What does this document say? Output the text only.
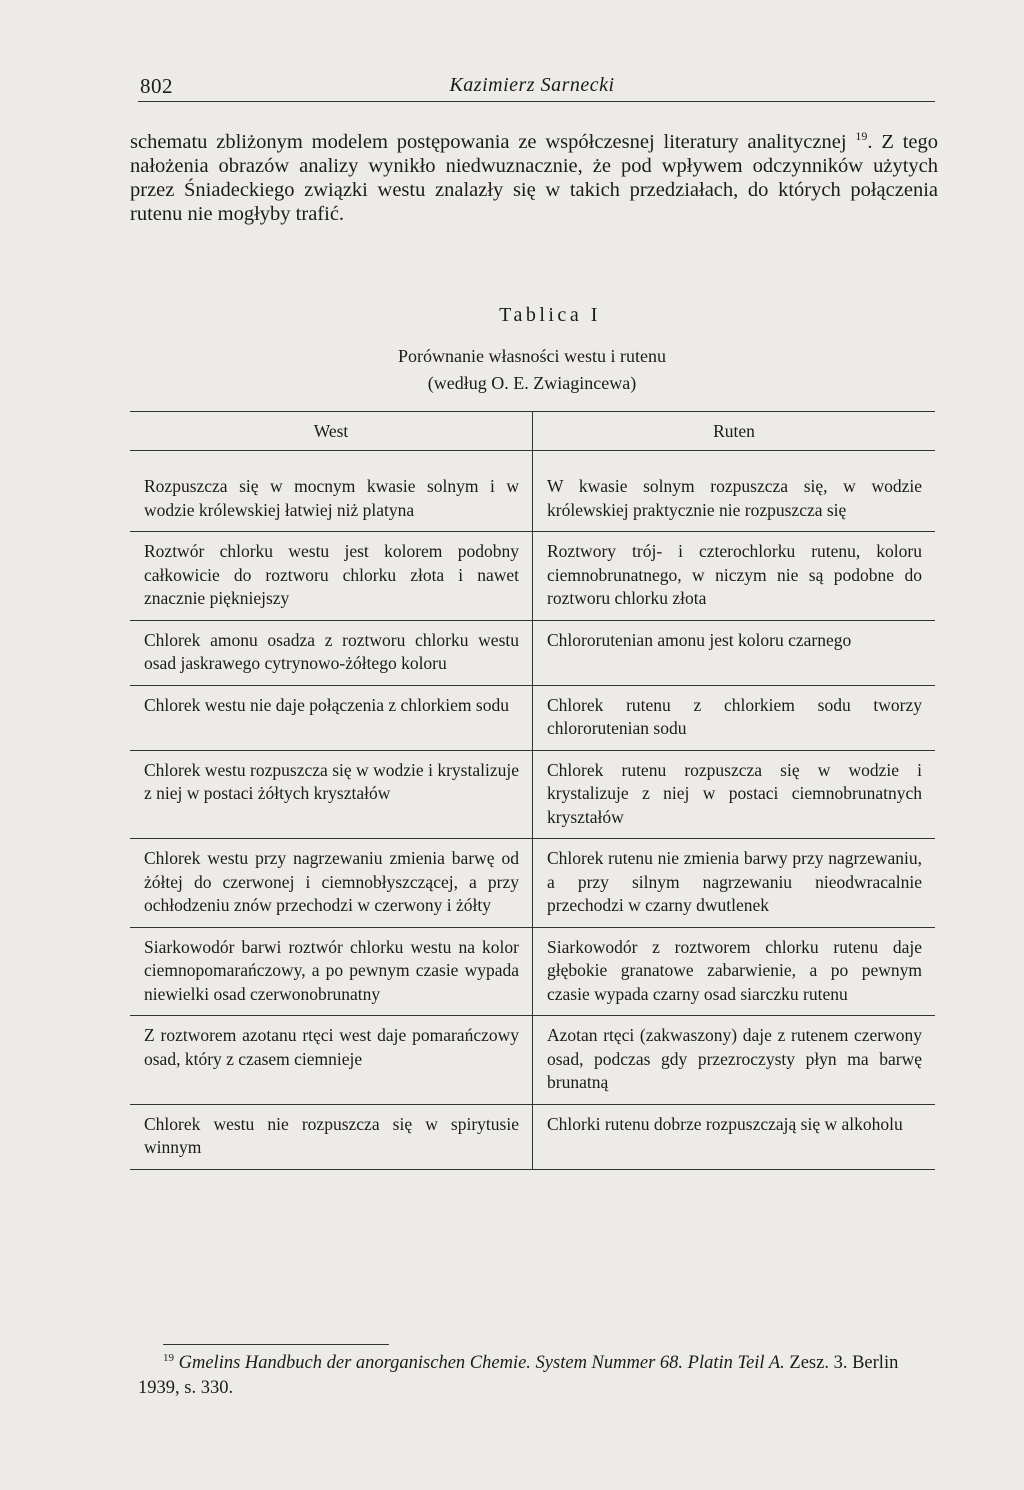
802	Kazimierz Sarnecki

schematu zbliżonym modelem postępowania ze współczesnej literatury analitycznej $^{19}$. Z tego nałożenia obrazów analizy wynikło niedwuznacznie, że pod wpływem odczynników użytych przez Śniadeckiego związki westu znalazły się w takich przedziałach, do których połączenia rutenu nie mogłyby trafić.

Tablica I
Porównanie własności westu i rutenu
(według O. E. Zwiagincewa)
West	Ruten
Rozpuszcza się w mocnym kwasie solnym i w wodzie królewskiej łatwiej niż platyna	W kwasie solnym rozpuszcza się, w wodzie królewskiej praktycznie nie rozpuszcza się
Roztwór chlorku westu jest kolorem podobny całkowicie do roztworu chlorku złota i nawet znacznie piękniejszy	Roztwory trój- i czterochlorku rutenu, koloru ciemnobrunatnego, w niczym nie są podobne do roztworu chlorku złota
Chlorek amonu osadza z roztworu chlorku westu osad jaskrawego cytrynowo-żółtego koloru	Chlororutenian amonu jest koloru czarnego
Chlorek westu nie daje połączenia z chlorkiem sodu	Chlorek rutenu z chlorkiem sodu tworzy chlororutenian sodu
Chlorek westu rozpuszcza się w wodzie i krystalizuje z niej w postaci żółtych kryształów	Chlorek rutenu rozpuszcza się w wodzie i krystalizuje z niej w postaci ciemnobrunatnych kryształów
Chlorek westu przy nagrzewaniu zmienia barwę od żółtej do czerwonej i ciemnobłyszczącej, a przy ochłodzeniu znów przechodzi w czerwony i żółty	Chlorek rutenu nie zmienia barwy przy nagrzewaniu, a przy silnym nagrzewaniu nieodwracalnie przechodzi w czarny dwutlenek
Siarkowodór barwi roztwór chlorku westu na kolor ciemnopomarańczowy, a po pewnym czasie wypada niewielki osad czerwonobrunatny	Siarkowodór z roztworem chlorku rutenu daje głębokie granatowe zabarwienie, a po pewnym czasie wypada czarny osad siarczku rutenu
Z roztworem azotanu rtęci west daje pomarańczowy osad, który z czasem ciemnieje	Azotan rtęci (zakwaszony) daje z rutenem czerwony osad, podczas gdy przezroczysty płyn ma barwę brunatną
Chlorek westu nie rozpuszcza się w spirytusie winnym	Chlorki rutenu dobrze rozpuszczają się w alkoholu
$^{19}$ Gmelins Handbuch der anorganischen Chemie. System Nummer 68. Platin Teil A. Zesz. 3. Berlin 1939, s. 330.
